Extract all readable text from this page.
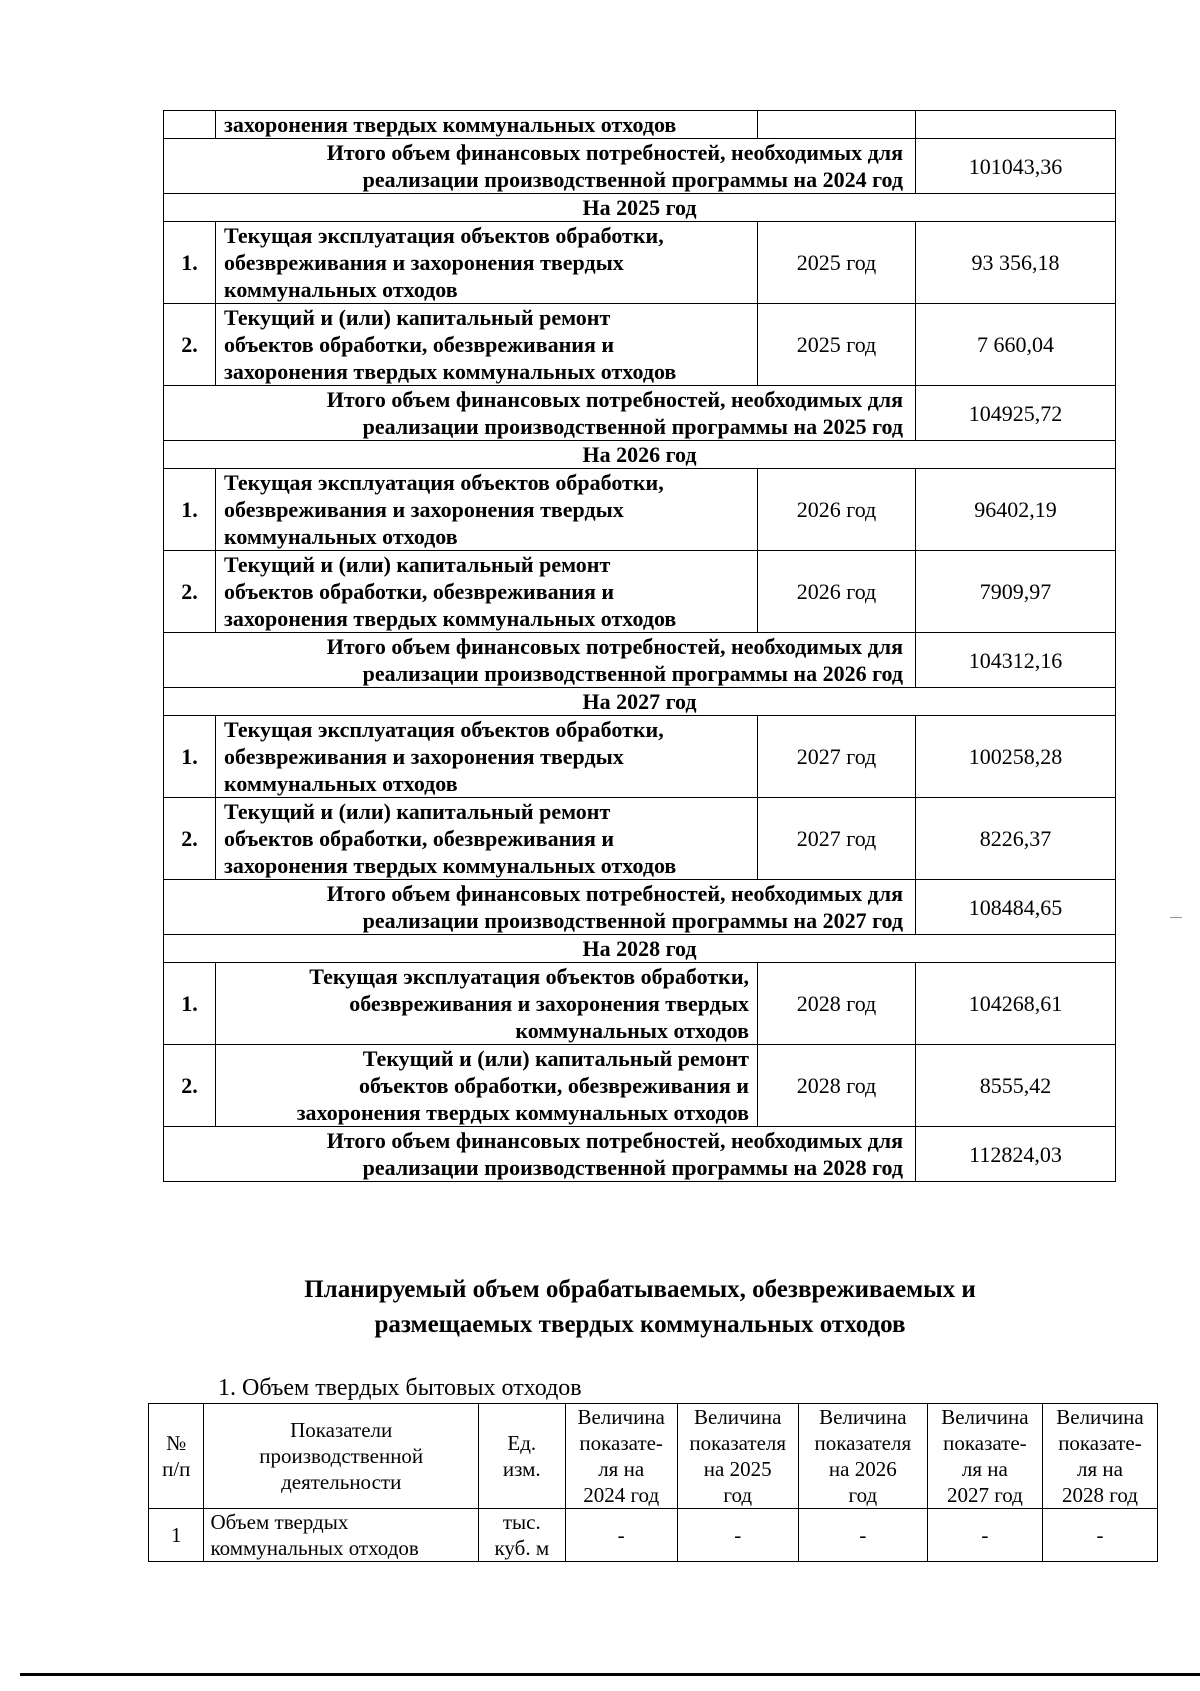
	захоронения твердых коммунальных отходов		
Итого объем финансовых потребностей, необходимых для
реализации производственной программы на 2024 год			101043,36
На 2025 год			
1.	Текущая эксплуатация объектов обработки,
обезвреживания и захоронения твердых
коммунальных отходов	2025 год	93 356,18
2.	Текущий и (или) капитальный ремонт
объектов обработки, обезвреживания и
захоронения твердых коммунальных отходов	2025 год	7 660,04
Итого объем финансовых потребностей, необходимых для
реализации производственной программы на 2025 год			104925,72
На 2026 год			
1.	Текущая эксплуатация объектов обработки,
обезвреживания и захоронения твердых
коммунальных отходов	2026 год	96402,19
2.	Текущий и (или) капитальный ремонт
объектов обработки, обезвреживания и
захоронения твердых коммунальных отходов	2026 год	7909,97
Итого объем финансовых потребностей, необходимых для
реализации производственной программы на 2026 год			104312,16
На 2027 год			
1.	Текущая эксплуатация объектов обработки,
обезвреживания и захоронения твердых
коммунальных отходов	2027 год	100258,28
2.	Текущий и (или) капитальный ремонт
объектов обработки, обезвреживания и
захоронения твердых коммунальных отходов	2027 год	8226,37
Итого объем финансовых потребностей, необходимых для
реализации производственной программы на 2027 год			108484,65
На 2028 год			
1.	Текущая эксплуатация объектов обработки,
обезвреживания и захоронения твердых
коммунальных отходов	2028 год	104268,61
2.	Текущий и (или) капитальный ремонт
объектов обработки, обезвреживания и
захоронения твердых коммунальных отходов	2028 год	8555,42
Итого объем финансовых потребностей, необходимых для
реализации производственной программы на 2028 год			112824,03
Планируемый объем обрабатываемых, обезвреживаемых и
размещаемых твердых коммунальных отходов

1. Объем твердых бытовых отходов

№
п/п	Показатели
производственной
деятельности	Ед.
изм.	Величина
показате-
ля на
2024 год	Величина
показателя
на 2025
год	Величина
показателя
на 2026
год	Величина
показате-
ля на
2027 год	Величина
показате-
ля на
2028 год
1	Объем твердых
коммунальных отходов	тыс.
куб. м	-	-	-	-	-
